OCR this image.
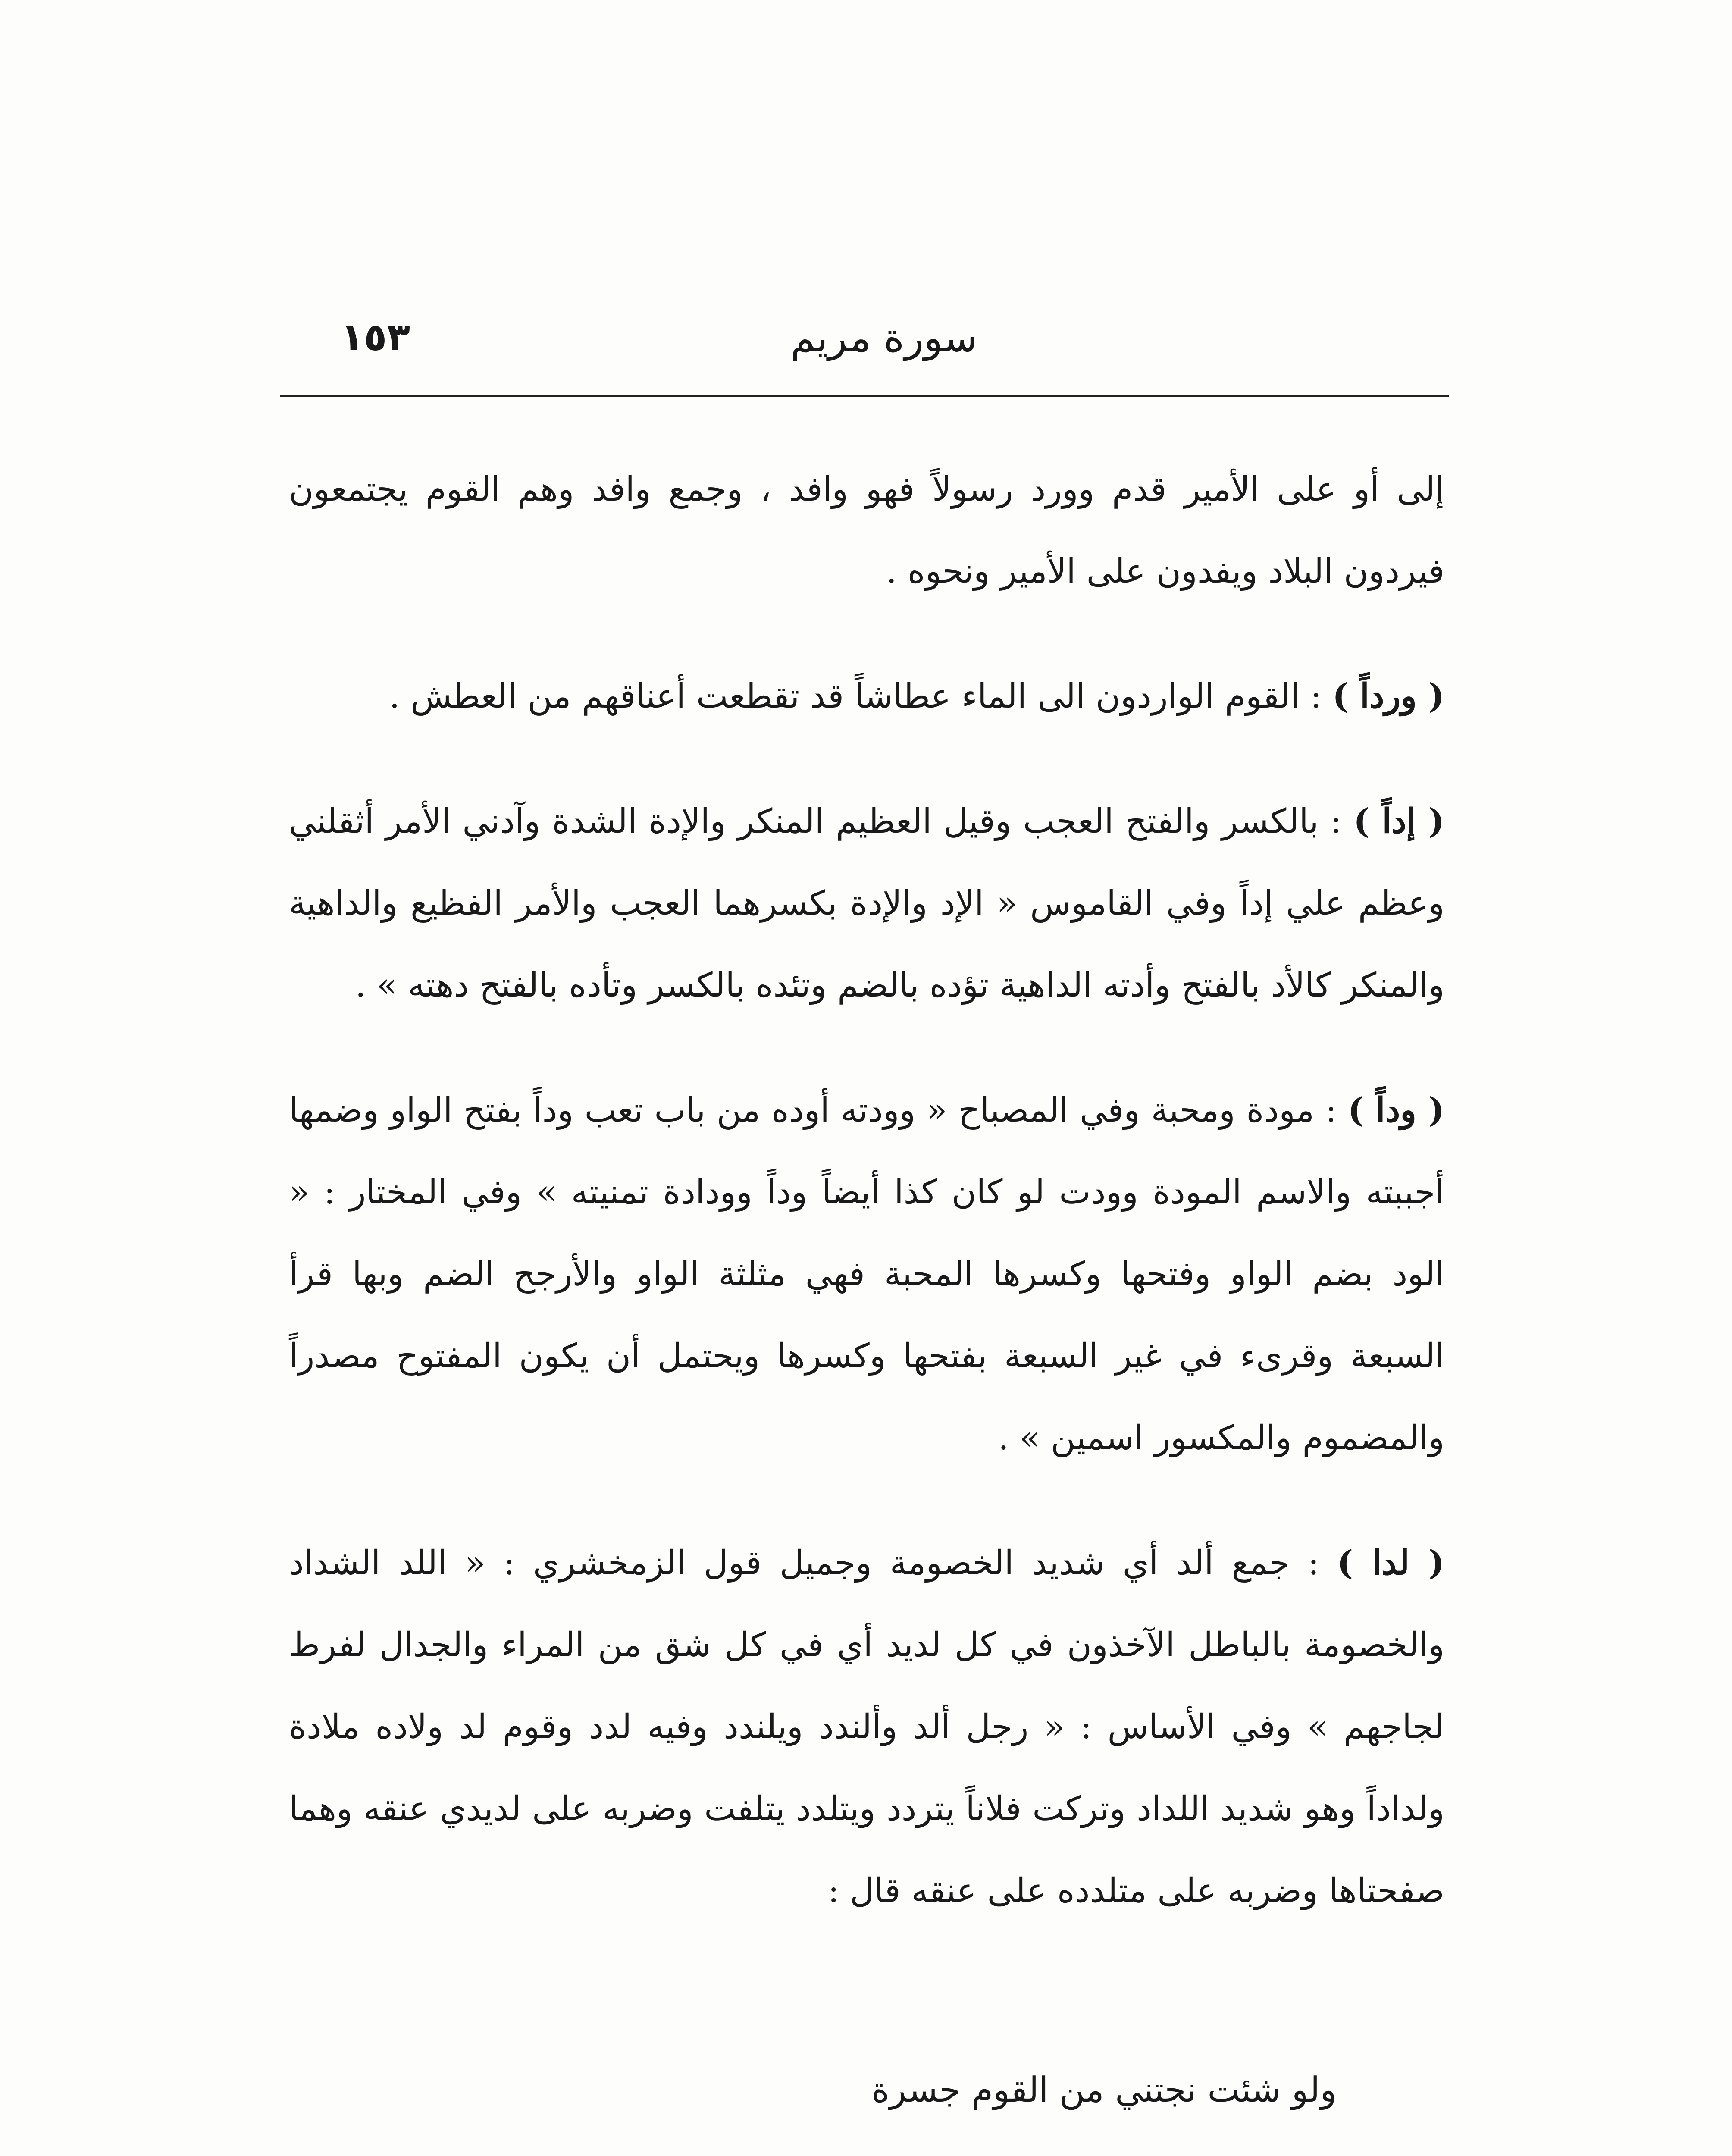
١٥٣	سورة مريم

إلى أو على الأمير قدم وورد رسولاً فهو وافد ، وجمع وافد وهم القوم يجتمعون فيردون البلاد ويفدون على الأمير ونحوه .

( ورداً ) : القوم الواردون الى الماء عطاشاً قد تقطعت أعناقهم من العطش .

( إداً ) : بالكسر والفتح العجب وقيل العظيم المنكر والإدة الشدة وآدني الأمر أثقلني وعظم علي إداً وفي القاموس « الإد والإدة بكسرهما العجب والأمر الفظيع والداهية والمنكر كالأد بالفتح وأدته الداهية تؤده بالضم وتئده بالكسر وتأده بالفتح دهته » .

( وداً ) : مودة ومحبة وفي المصباح « وودته أوده من باب تعب وداً بفتح الواو وضمها أجببته والاسم المودة وودت لو كان كذا أيضاً وداً وودادة تمنيته » وفي المختار : « الود بضم الواو وفتحها وكسرها المحبة فهي مثلثة الواو والأرجح الضم وبها قرأ السبعة وقرىء في غير السبعة بفتحها وكسرها ويحتمل أن يكون المفتوح مصدراً والمضموم والمكسور اسمين » .

( لدا ) : جمع ألد أي شديد الخصومة وجميل قول الزمخشري : « اللد الشداد والخصومة بالباطل الآخذون في كل لديد أي في كل شق من المراء والجدال لفرط لجاجهم » وفي الأساس : « رجل ألد وألندد ويلندد وفيه لدد وقوم لد ولاده ملادة ولداداً وهو شديد اللداد وتركت فلاناً يتردد ويتلدد يتلفت وضربه على لديدي عنقه وهما صفحتاها وضربه على متلدده على عنقه قال :

ولو شئت نجتني من القوم جسرة
